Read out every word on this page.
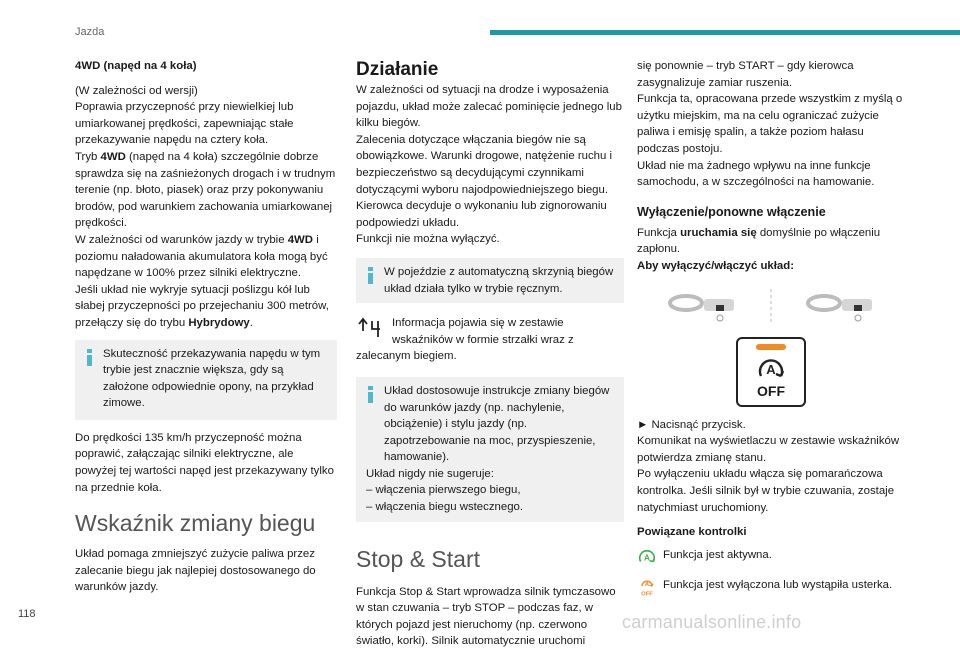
Jazda

4WD (napęd na 4 koła)

(W zależności od wersji)

Poprawia przyczepność przy niewielkiej lub umiarkowanej prędkości, zapewniając stałe przekazywanie napędu na cztery koła.

Tryb 4WD (napęd na 4 koła) szczególnie dobrze sprawdza się na zaśnieżonych drogach i w trudnym terenie (np. błoto, piasek) oraz przy pokonywaniu brodów, pod warunkiem zachowania umiarkowanej prędkości.

W zależności od warunków jazdy w trybie 4WD i poziomu naładowania akumulatora koła mogą być napędzane w 100% przez silniki elektryczne.

Jeśli układ nie wykryje sytuacji poślizgu kół lub słabej przyczepności po przejechaniu 300 metrów, przełączy się do trybu Hybrydowy.

Skuteczność przekazywania napędu w tym trybie jest znacznie większa, gdy są założone odpowiednie opony, na przykład zimowe.

Do prędkości 135 km/h przyczepność można poprawić, załączając silniki elektryczne, ale powyżej tej wartości napęd jest przekazywany tylko na przednie koła.

Wskaźnik zmiany biegu

Układ pomaga zmniejszyć zużycie paliwa przez zalecanie biegu jak najlepiej dostosowanego do warunków jazdy.

Działanie

W zależności od sytuacji na drodze i wyposażenia pojazdu, układ może zalecać pominięcie jednego lub kilku biegów.

Zalecenia dotyczące włączania biegów nie są obowiązkowe. Warunki drogowe, natężenie ruchu i bezpieczeństwo są decydującymi czynnikami dotyczącymi wyboru najodpowiedniejszego biegu. Kierowca decyduje o wykonaniu lub zignorowaniu podpowiedzi układu.

Funkcji nie można wyłączyć.

W pojeździe z automatyczną skrzynią biegów układ działa tylko w trybie ręcznym.

Informacja pojawia się w zestawie wskaźników w formie strzałki wraz z zalecanym biegiem.

Układ dostosowuje instrukcje zmiany biegów do warunków jazdy (np. nachylenie, obciążenie) i stylu jazdy (np. zapotrzebowanie na moc, przyspieszenie, hamowanie).

Układ nigdy nie sugeruje:

– włączenia pierwszego biegu,

– włączenia biegu wstecznego.

Stop & Start

Funkcja Stop & Start wprowadza silnik tymczasowo w stan czuwania – tryb STOP – podczas faz, w których pojazd jest nieruchomy (np. czerwono światło, korki). Silnik automatycznie uruchomi

się ponownie – tryb START – gdy kierowca zasygnalizuje zamiar ruszenia.

Funkcja ta, opracowana przede wszystkim z myślą o użytku miejskim, ma na celu ograniczać zużycie paliwa i emisję spalin, a także poziom hałasu podczas postoju.

Układ nie ma żadnego wpływu na inne funkcje samochodu, a w szczególności na hamowanie.

Wyłączenie/ponowne włączenie

Funkcja uruchamia się domyślnie po włączeniu zapłonu.

Aby wyłączyć/włączyć układ:

A
OFF

► Nacisnąć przycisk.

Komunikat na wyświetlaczu w zestawie wskaźników potwierdza zmianę stanu.

Po wyłączeniu układu włącza się pomarańczowa kontrolka. Jeśli silnik był w trybie czuwania, zostaje natychmiast uruchomiony.

Powiązane kontrolki

A Funkcja jest aktywna.

A
OFF

Funkcja jest wyłączona lub wystąpiła usterka.

118	carmanualsonline.info
